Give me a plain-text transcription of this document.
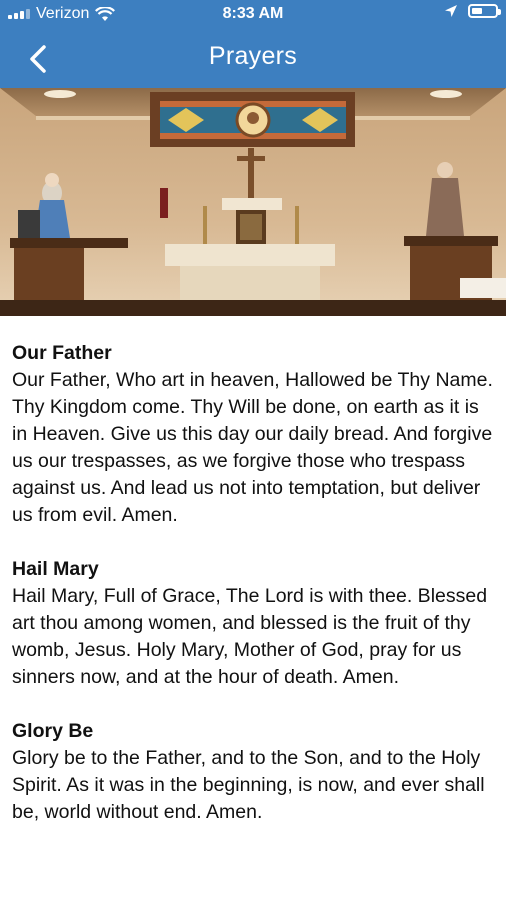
Verizon	8:33 AM
Prayers
Our Father

Our Father, Who art in heaven, Hallowed be Thy Name. Thy Kingdom come. Thy Will be done, on earth as it is in Heaven. Give us this day our daily bread. And forgive us our trespasses, as we forgive those who trespass against us. And lead us not into temptation, but deliver us from evil. Amen.

Hail Mary

Hail Mary, Full of Grace, The Lord is with thee. Blessed art thou among women, and blessed is the fruit of thy womb, Jesus. Holy Mary, Mother of God, pray for us sinners now, and at the hour of death. Amen.

Glory Be

Glory be to the Father, and to the Son, and to the Holy Spirit. As it was in the beginning, is now, and ever shall be, world without end. Amen.
